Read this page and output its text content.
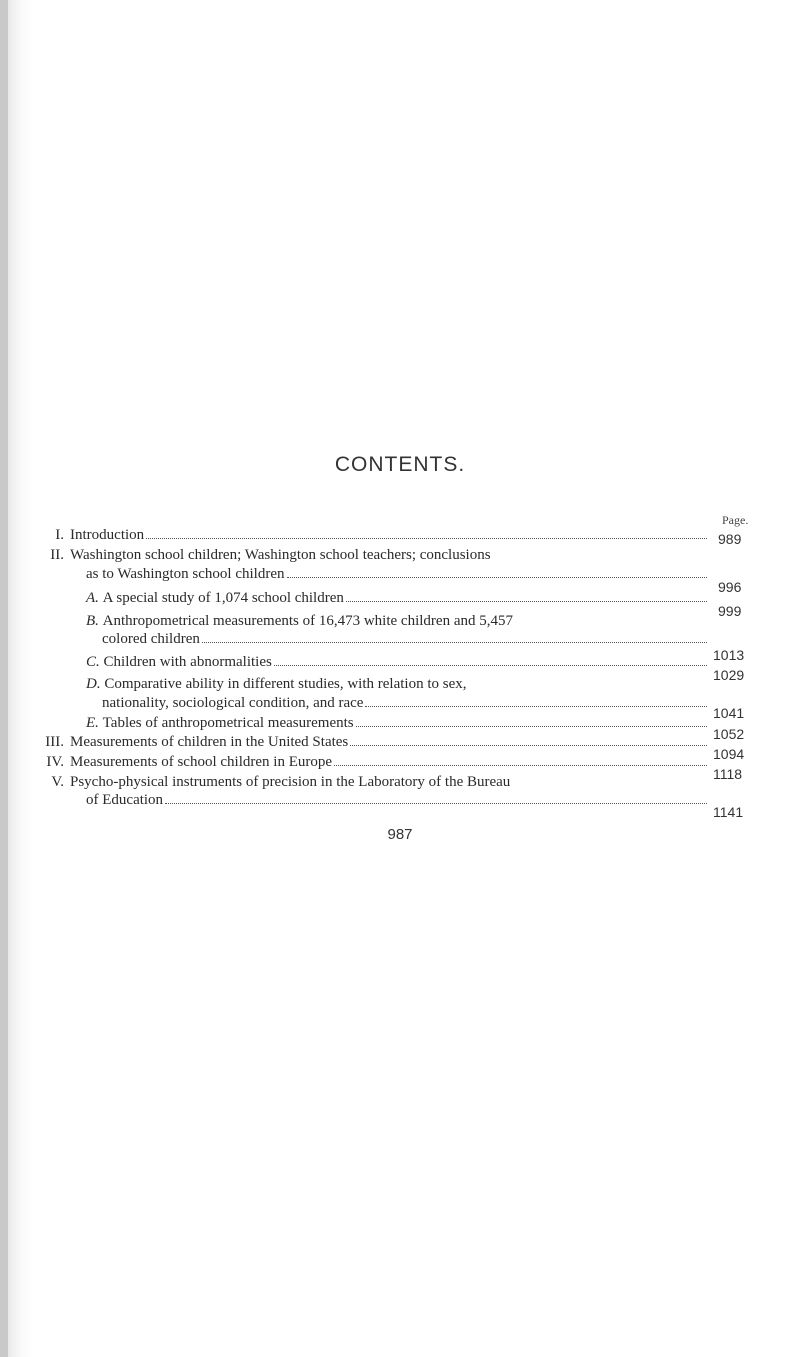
CONTENTS.
Page.
I. Introduction	989
II. Washington school children; Washington school teachers; conclusions
as to Washington school children
996
A.
A special study of 1,074 school children
999
B. Anthropometrical measurements of 16,473 white children and 5,457
colored children
1013
C.
Children with abnormalities
1029
D. Comparative ability in different studies, with relation to sex,
nationality, sociological condition, and race
1041
E.
Tables of anthropometrical measurements
1052
III. Measurements of children in the United States
1094
IV. Measurements of school children in Europe
1118
V. Psycho-physical instruments of precision in the Laboratory of the Bureau
of Education
1141
987
